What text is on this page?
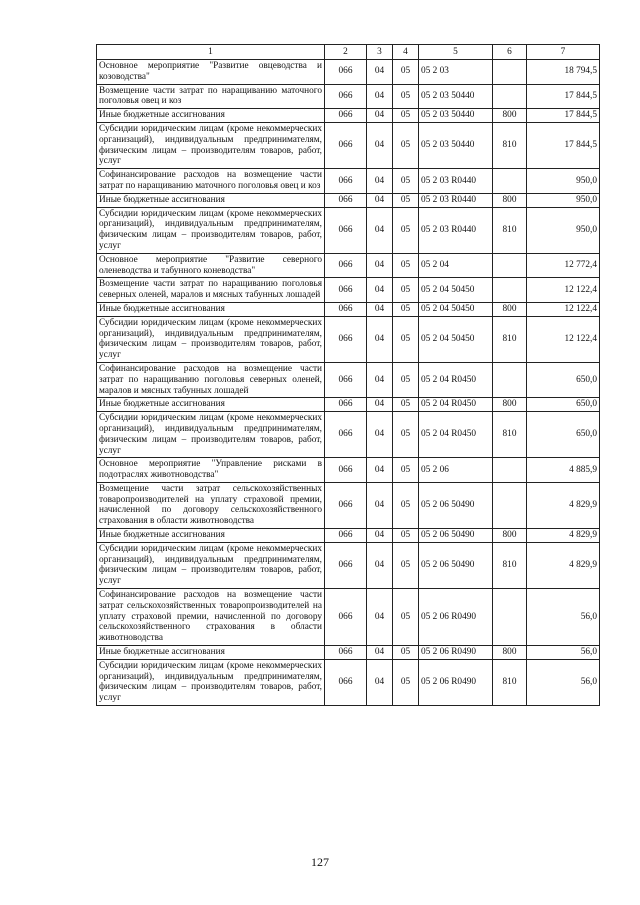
1	2	3	4	5	6	7
Основное мероприятие "Развитие овцеводства и козоводства"	066	04	05	05 2 03		18 794,5
Возмещение части затрат по наращиванию маточного поголовья овец и коз	066	04	05	05 2 03 50440		17 844,5
Иные бюджетные ассигнования	066	04	05	05 2 03 50440	800	17 844,5
Субсидии юридическим лицам (кроме некоммерческих организаций), индивидуальным предпринимателям, физическим лицам – производителям товаров, работ, услуг	066	04	05	05 2 03 50440	810	17 844,5
Софинансирование расходов на возмещение части затрат по наращиванию маточного поголовья овец и коз	066	04	05	05 2 03 R0440		950,0
Иные бюджетные ассигнования	066	04	05	05 2 03 R0440	800	950,0
Субсидии юридическим лицам (кроме некоммерческих организаций), индивидуальным предпринимателям, физическим лицам – производителям товаров, работ, услуг	066	04	05	05 2 03 R0440	810	950,0
Основное мероприятие "Развитие северного оленеводства и табунного коневодства"	066	04	05	05 2 04		12 772,4
Возмещение части затрат по наращиванию поголовья северных оленей, маралов и мясных табунных лошадей	066	04	05	05 2 04 50450		12 122,4
Иные бюджетные ассигнования	066	04	05	05 2 04 50450	800	12 122,4
Субсидии юридическим лицам (кроме некоммерческих организаций), индивидуальным предпринимателям, физическим лицам – производителям товаров, работ, услуг	066	04	05	05 2 04 50450	810	12 122,4
Софинансирование расходов на возмещение части затрат по наращиванию поголовья северных оленей, маралов и мясных табунных лошадей	066	04	05	05 2 04 R0450		650,0
Иные бюджетные ассигнования	066	04	05	05 2 04 R0450	800	650,0
Субсидии юридическим лицам (кроме некоммерческих организаций), индивидуальным предпринимателям, физическим лицам – производителям товаров, работ, услуг	066	04	05	05 2 04 R0450	810	650,0
Основное мероприятие "Управление рисками в подотраслях животноводства"	066	04	05	05 2 06		4 885,9
Возмещение части затрат сельскохозяйственных товаропроизводителей на уплату страховой премии, начисленной по договору сельскохозяйственного страхования в области животноводства	066	04	05	05 2 06 50490		4 829,9
Иные бюджетные ассигнования	066	04	05	05 2 06 50490	800	4 829,9
Субсидии юридическим лицам (кроме некоммерческих организаций), индивидуальным предпринимателям, физическим лицам – производителям товаров, работ, услуг	066	04	05	05 2 06 50490	810	4 829,9
Софинансирование расходов на возмещение части затрат сельскохозяйственных товаропроизводителей на уплату страховой премии, начисленной по договору сельскохозяйственного страхования в области животноводства	066	04	05	05 2 06 R0490		56,0
Иные бюджетные ассигнования	066	04	05	05 2 06 R0490	800	56,0
Субсидии юридическим лицам (кроме некоммерческих организаций), индивидуальным предпринимателям, физическим лицам – производителям товаров, работ, услуг	066	04	05	05 2 06 R0490	810	56,0
127
